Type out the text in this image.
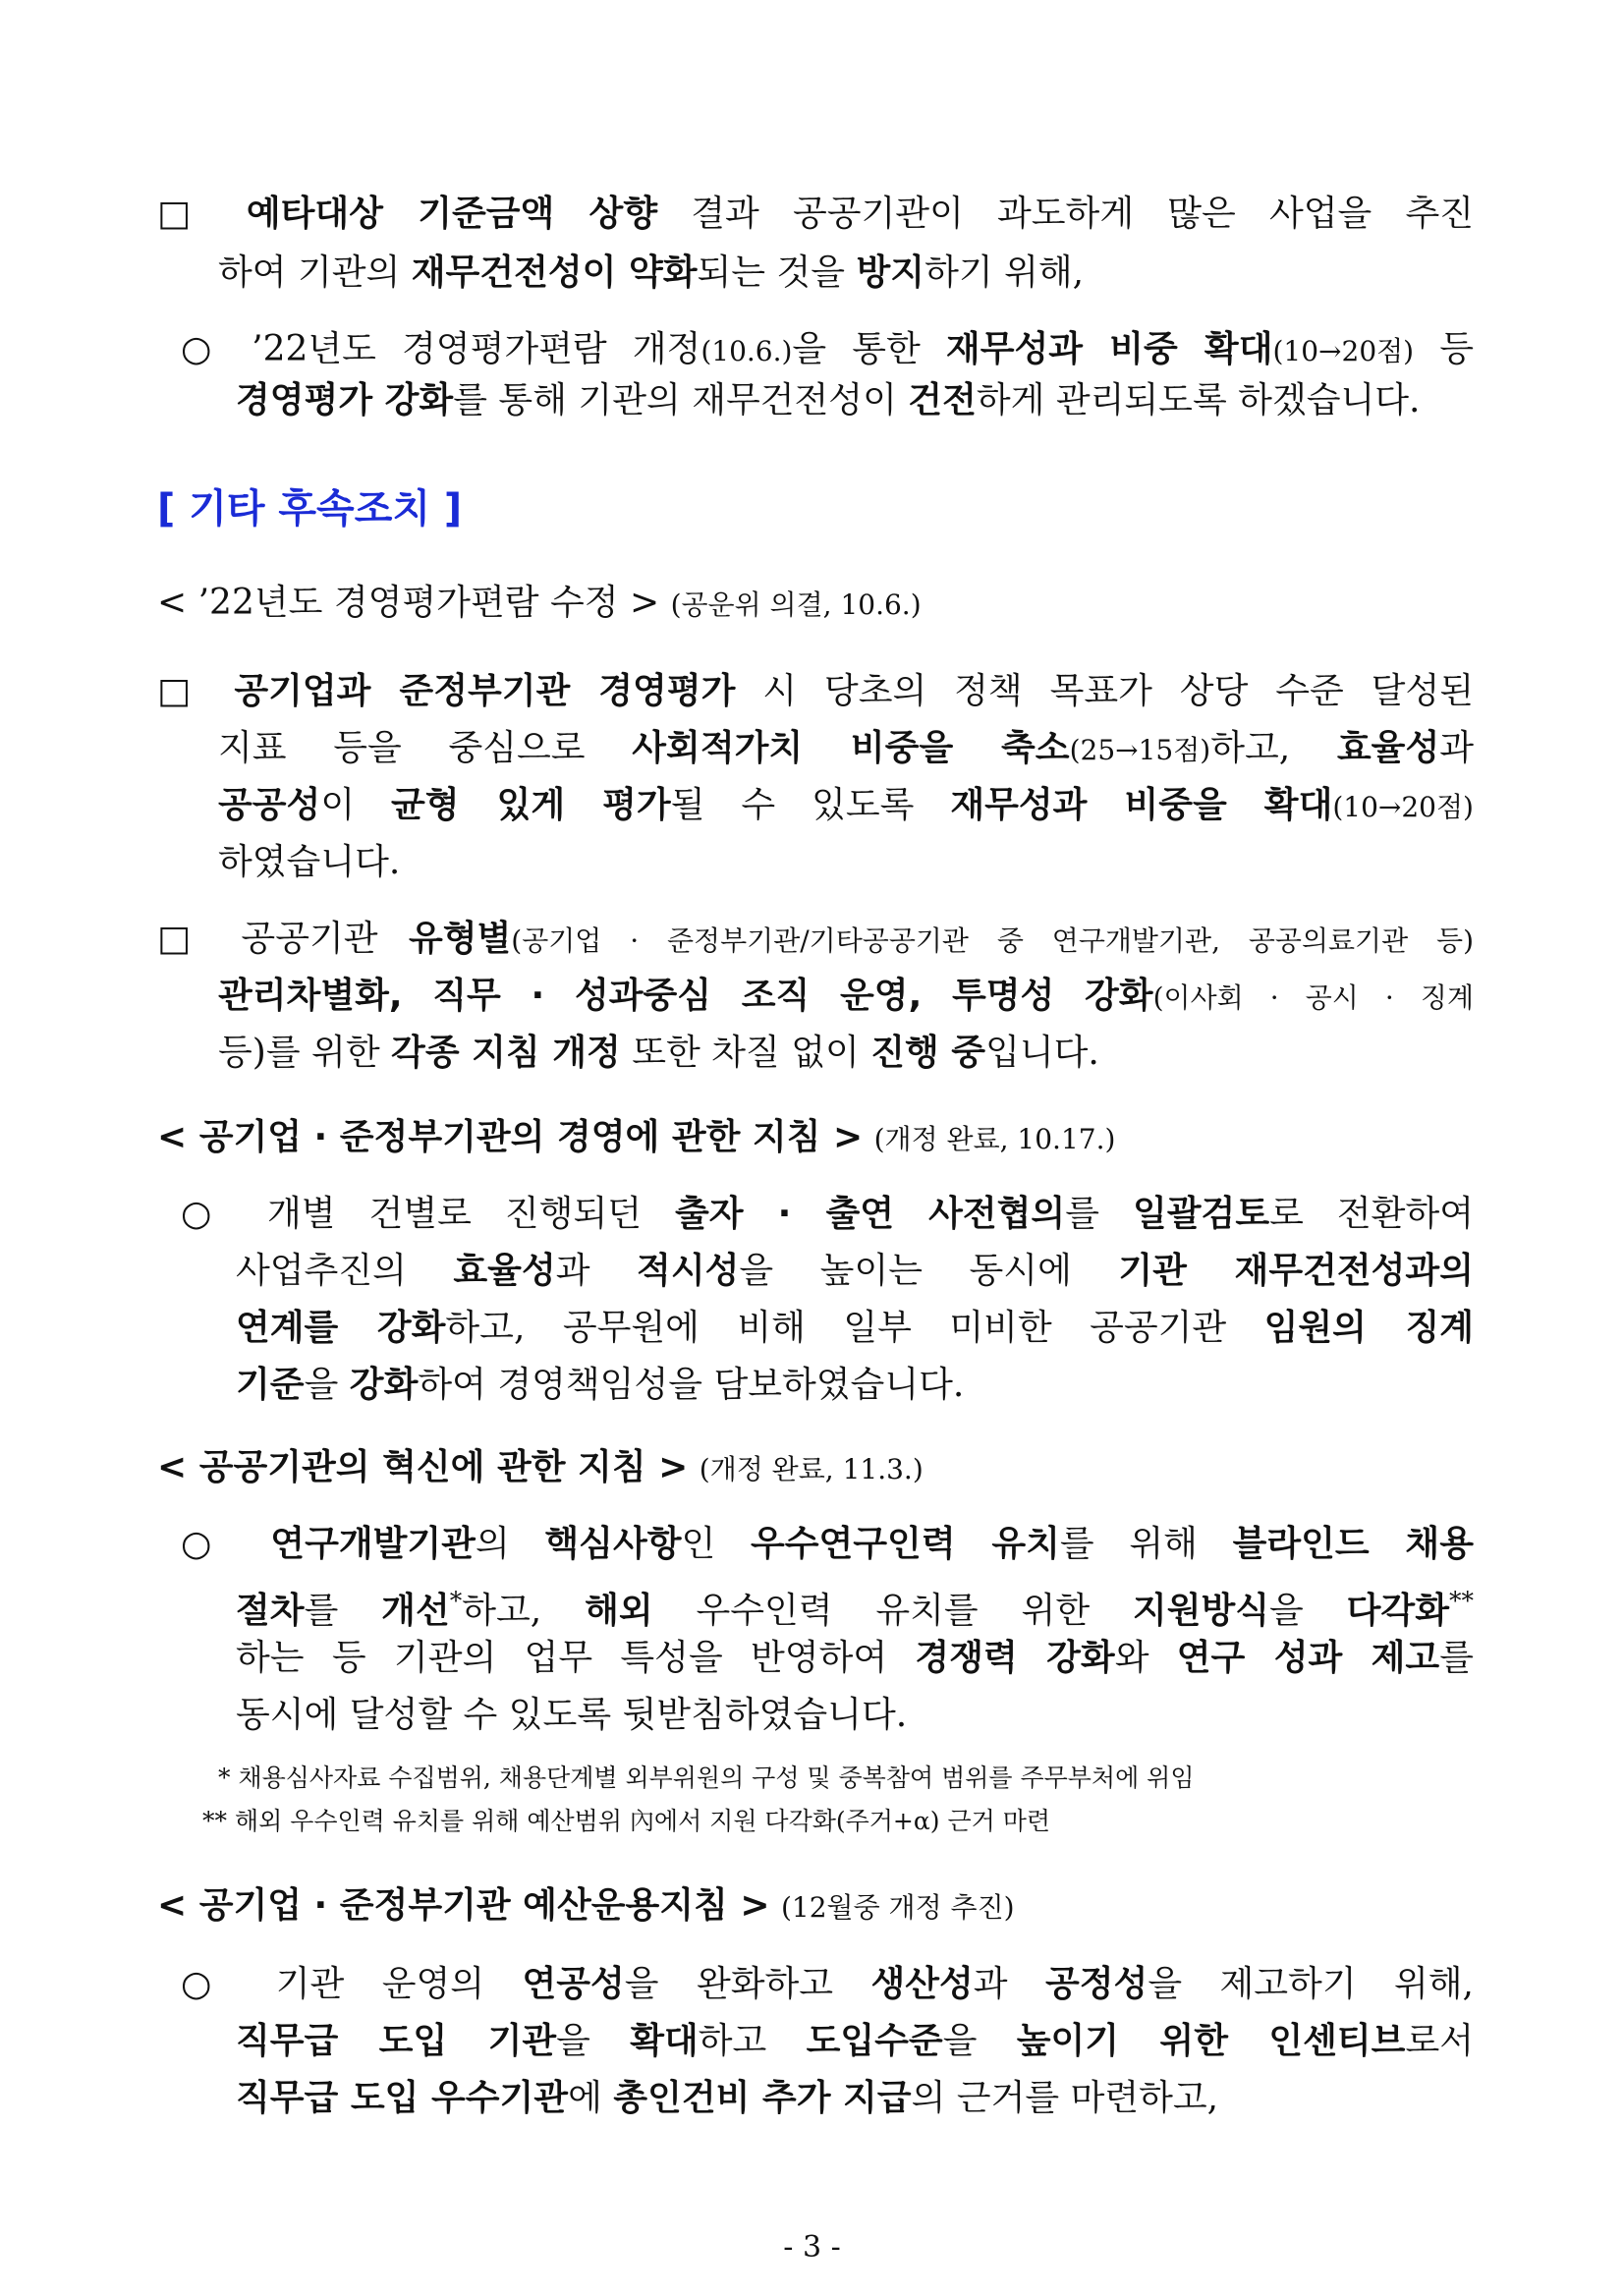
□ 예타대상 기준금액 상향 결과 공공기관이 과도하게 많은 사업을 추진
하여 기관의 재무건전성이 약화되는 것을 방지하기 위해,
○ ’22년도 경영평가편람 개정(10.6.)을 통한 재무성과 비중 확대(10→20점) 등
경영평가 강화를 통해 기관의 재무건전성이 건전하게 관리되도록 하겠습니다.
[ 기타 후속조치 ]
< ’22년도 경영평가편람 수정 > (공운위 의결, 10.6.)
□ 공기업과 준정부기관 경영평가 시 당초의 정책 목표가 상당 수준 달성된
지표 등을 중심으로 사회적가치 비중을 축소(25→15점)하고, 효율성과
공공성이 균형 있게 평가될 수 있도록 재무성과 비중을 확대(10→20점)
하였습니다.
□ 공공기관 유형별(공기업 · 준정부기관/기타공공기관 중 연구개발기관, 공공의료기관 등)
관리차별화, 직무 · 성과중심 조직 운영, 투명성 강화(이사회 · 공시 · 징계
등)를 위한 각종 지침 개정 또한 차질 없이 진행 중입니다.
< 공기업 · 준정부기관의 경영에 관한 지침 > (개정 완료, 10.17.)
○ 개별 건별로 진행되던 출자 · 출연 사전협의를 일괄검토로 전환하여
사업추진의 효율성과 적시성을 높이는 동시에 기관 재무건전성과의
연계를 강화하고, 공무원에 비해 일부 미비한 공공기관 임원의 징계
기준을 강화하여 경영책임성을 담보하였습니다.
< 공공기관의 혁신에 관한 지침 > (개정 완료, 11.3.)
○ 연구개발기관의 핵심사항인 우수연구인력 유치를 위해 블라인드 채용
절차를 개선*하고, 해외 우수인력 유치를 위한 지원방식을 다각화**
하는 등 기관의 업무 특성을 반영하여 경쟁력 강화와 연구 성과 제고를
동시에 달성할 수 있도록 뒷받침하였습니다.
* 채용심사자료 수집범위, 채용단계별 외부위원의 구성 및 중복참여 범위를 주무부처에 위임
** 해외 우수인력 유치를 위해 예산범위 內에서 지원 다각화(주거+α) 근거 마련
< 공기업 · 준정부기관 예산운용지침 > (12월중 개정 추진)
○ 기관 운영의 연공성을 완화하고 생산성과 공정성을 제고하기 위해,
직무급 도입 기관을 확대하고 도입수준을 높이기 위한 인센티브로서
직무급 도입 우수기관에 총인건비 추가 지급의 근거를 마련하고,
- 3 -
